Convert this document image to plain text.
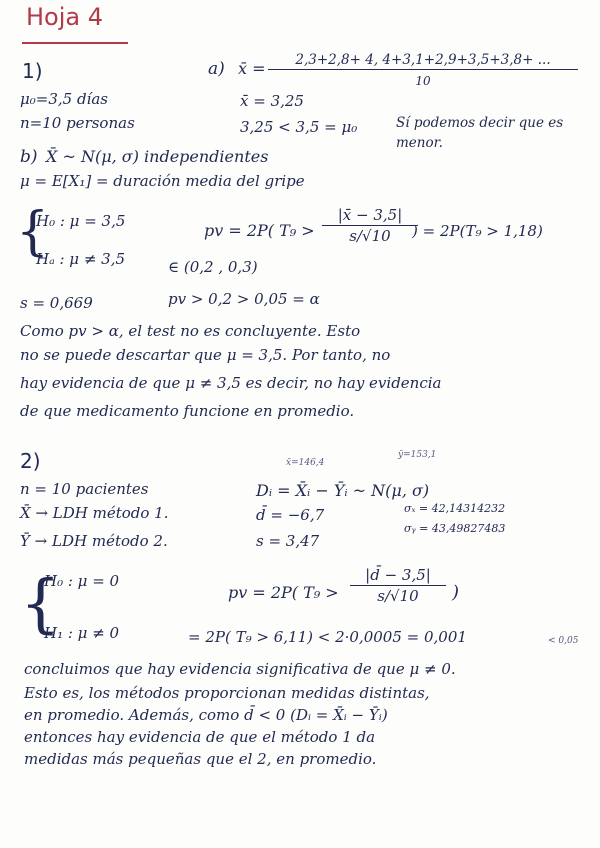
Hoja 4
1)
μ₀=3,5 días
n=10 personas
a) x̄ =	2,3+2,8+ 4, 4+3,1+2,9+3,5+3,8+ ...
10
x̄ = 3,25
3,25 < 3,5 = μ₀	Sí podemos decir que es
menor.
b) X̄ ~ N(μ, σ) independientes
μ = E[X₁] = duración media del gripe
{
H₀ : μ = 3,5
Hₐ : μ ≠ 3,5
pv = 2P( T₉ >
|x̄ − 3,5|
s/√10	) = 2P(T₉ > 1,18)
∈ (0,2 , 0,3)
s = 0,669	pv > 0,2 > 0,05 = α
Como pv > α, el test no es concluyente. Esto
no se puede descartar que μ = 3,5. Por tanto, no
hay evidencia de que μ ≠ 3,5 es decir, no hay evidencia
de que medicamento funcione en promedio.
2)	x̄=146,4
ȳ=153,1
n = 10 pacientes
X̄ → LDH método 1.
Ȳ → LDH método 2.
Dᵢ = X̄ᵢ − Ȳᵢ ~ N(μ, σ)
d̄ = −6,7
s = 3,47
σₓ = 42,14314232
σᵧ = 43,49827483
{
H₀ : μ = 0
H₁ : μ ≠ 0
pv = 2P( T₉ >
|d̄ − 3,5|
s/√10	)
= 2P( T₉ > 6,11) < 2·0,0005 = 0,001	< 0,05
concluimos que hay evidencia significativa de que μ ≠ 0.
Esto es, los métodos proporcionan medidas distintas,
en promedio. Además, como d̄ < 0 (Dᵢ = X̄ᵢ − Ȳᵢ)
entonces hay evidencia de que el método 1 da
medidas más pequeñas que el 2, en promedio.
